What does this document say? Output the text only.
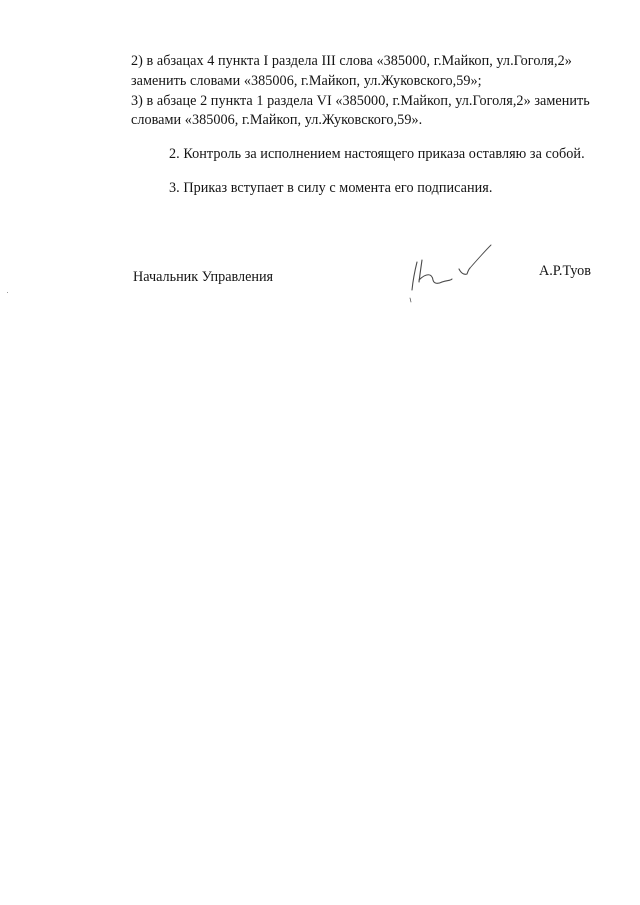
2) в абзацах 4 пункта I раздела III слова «385000, г.Майкоп, ул.Гоголя,2»
заменить словами «385006, г.Майкоп, ул.Жуковского,59»;
3) в абзаце 2 пункта 1 раздела VI «385000, г.Майкоп, ул.Гоголя,2» заменить
словами «385006, г.Майкоп, ул.Жуковского,59».
2. Контроль за исполнением настоящего приказа оставляю за собой.
3. Приказ вступает в силу с момента его подписания.
Начальник Управления	А.Р.Туов
